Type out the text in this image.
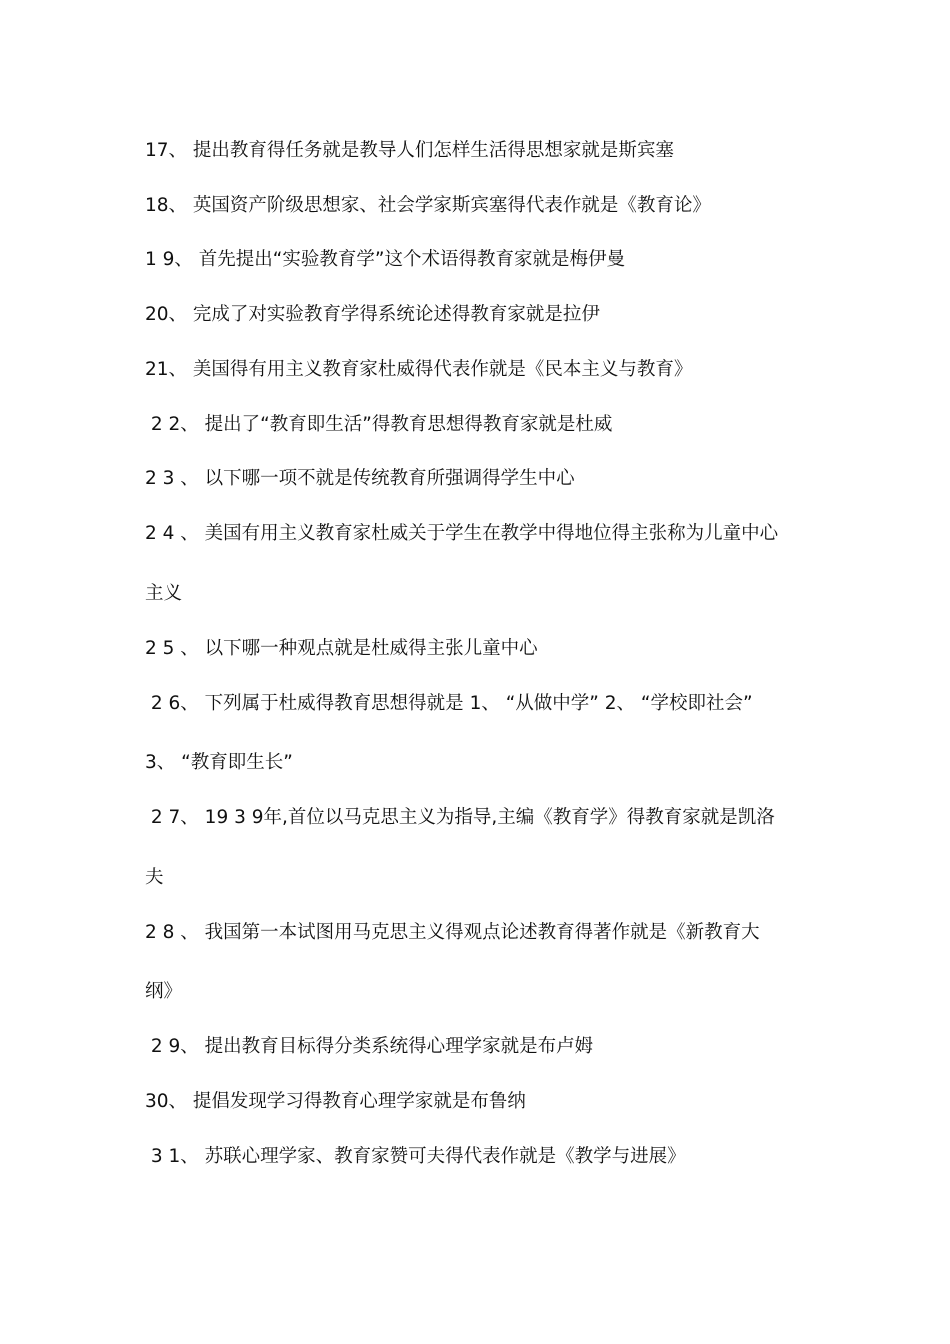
17、 提出教育得任务就是教导人们怎样生活得思想家就是斯宾塞
18、 英国资产阶级思想家、社会学家斯宾塞得代表作就是《教育论》
1 9、 首先提出“实验教育学”这个术语得教育家就是梅伊曼
20、 完成了对实验教育学得系统论述得教育家就是拉伊
21、 美国得有用主义教育家杜威得代表作就是《民本主义与教育》
2 2、 提出了“教育即生活”得教育思想得教育家就是杜威
2 3 、 以下哪一项不就是传统教育所强调得学生中心
2 4 、 美国有用主义教育家杜威关于学生在教学中得地位得主张称为儿童中心
主义
2 5 、 以下哪一种观点就是杜威得主张儿童中心
2 6、 下列属于杜威得教育思想得就是 1、 “从做中学” 2、 “学校即社会”
3、 “教育即生长”
2 7、 19 3 9年,首位以马克思主义为指导,主编《教育学》得教育家就是凯洛
夫
2 8 、 我国第一本试图用马克思主义得观点论述教育得著作就是《新教育大
纲》
2 9、 提出教育目标得分类系统得心理学家就是布卢姆
30、 提倡发现学习得教育心理学家就是布鲁纳
3 1、 苏联心理学家、教育家赞可夫得代表作就是《教学与进展》
